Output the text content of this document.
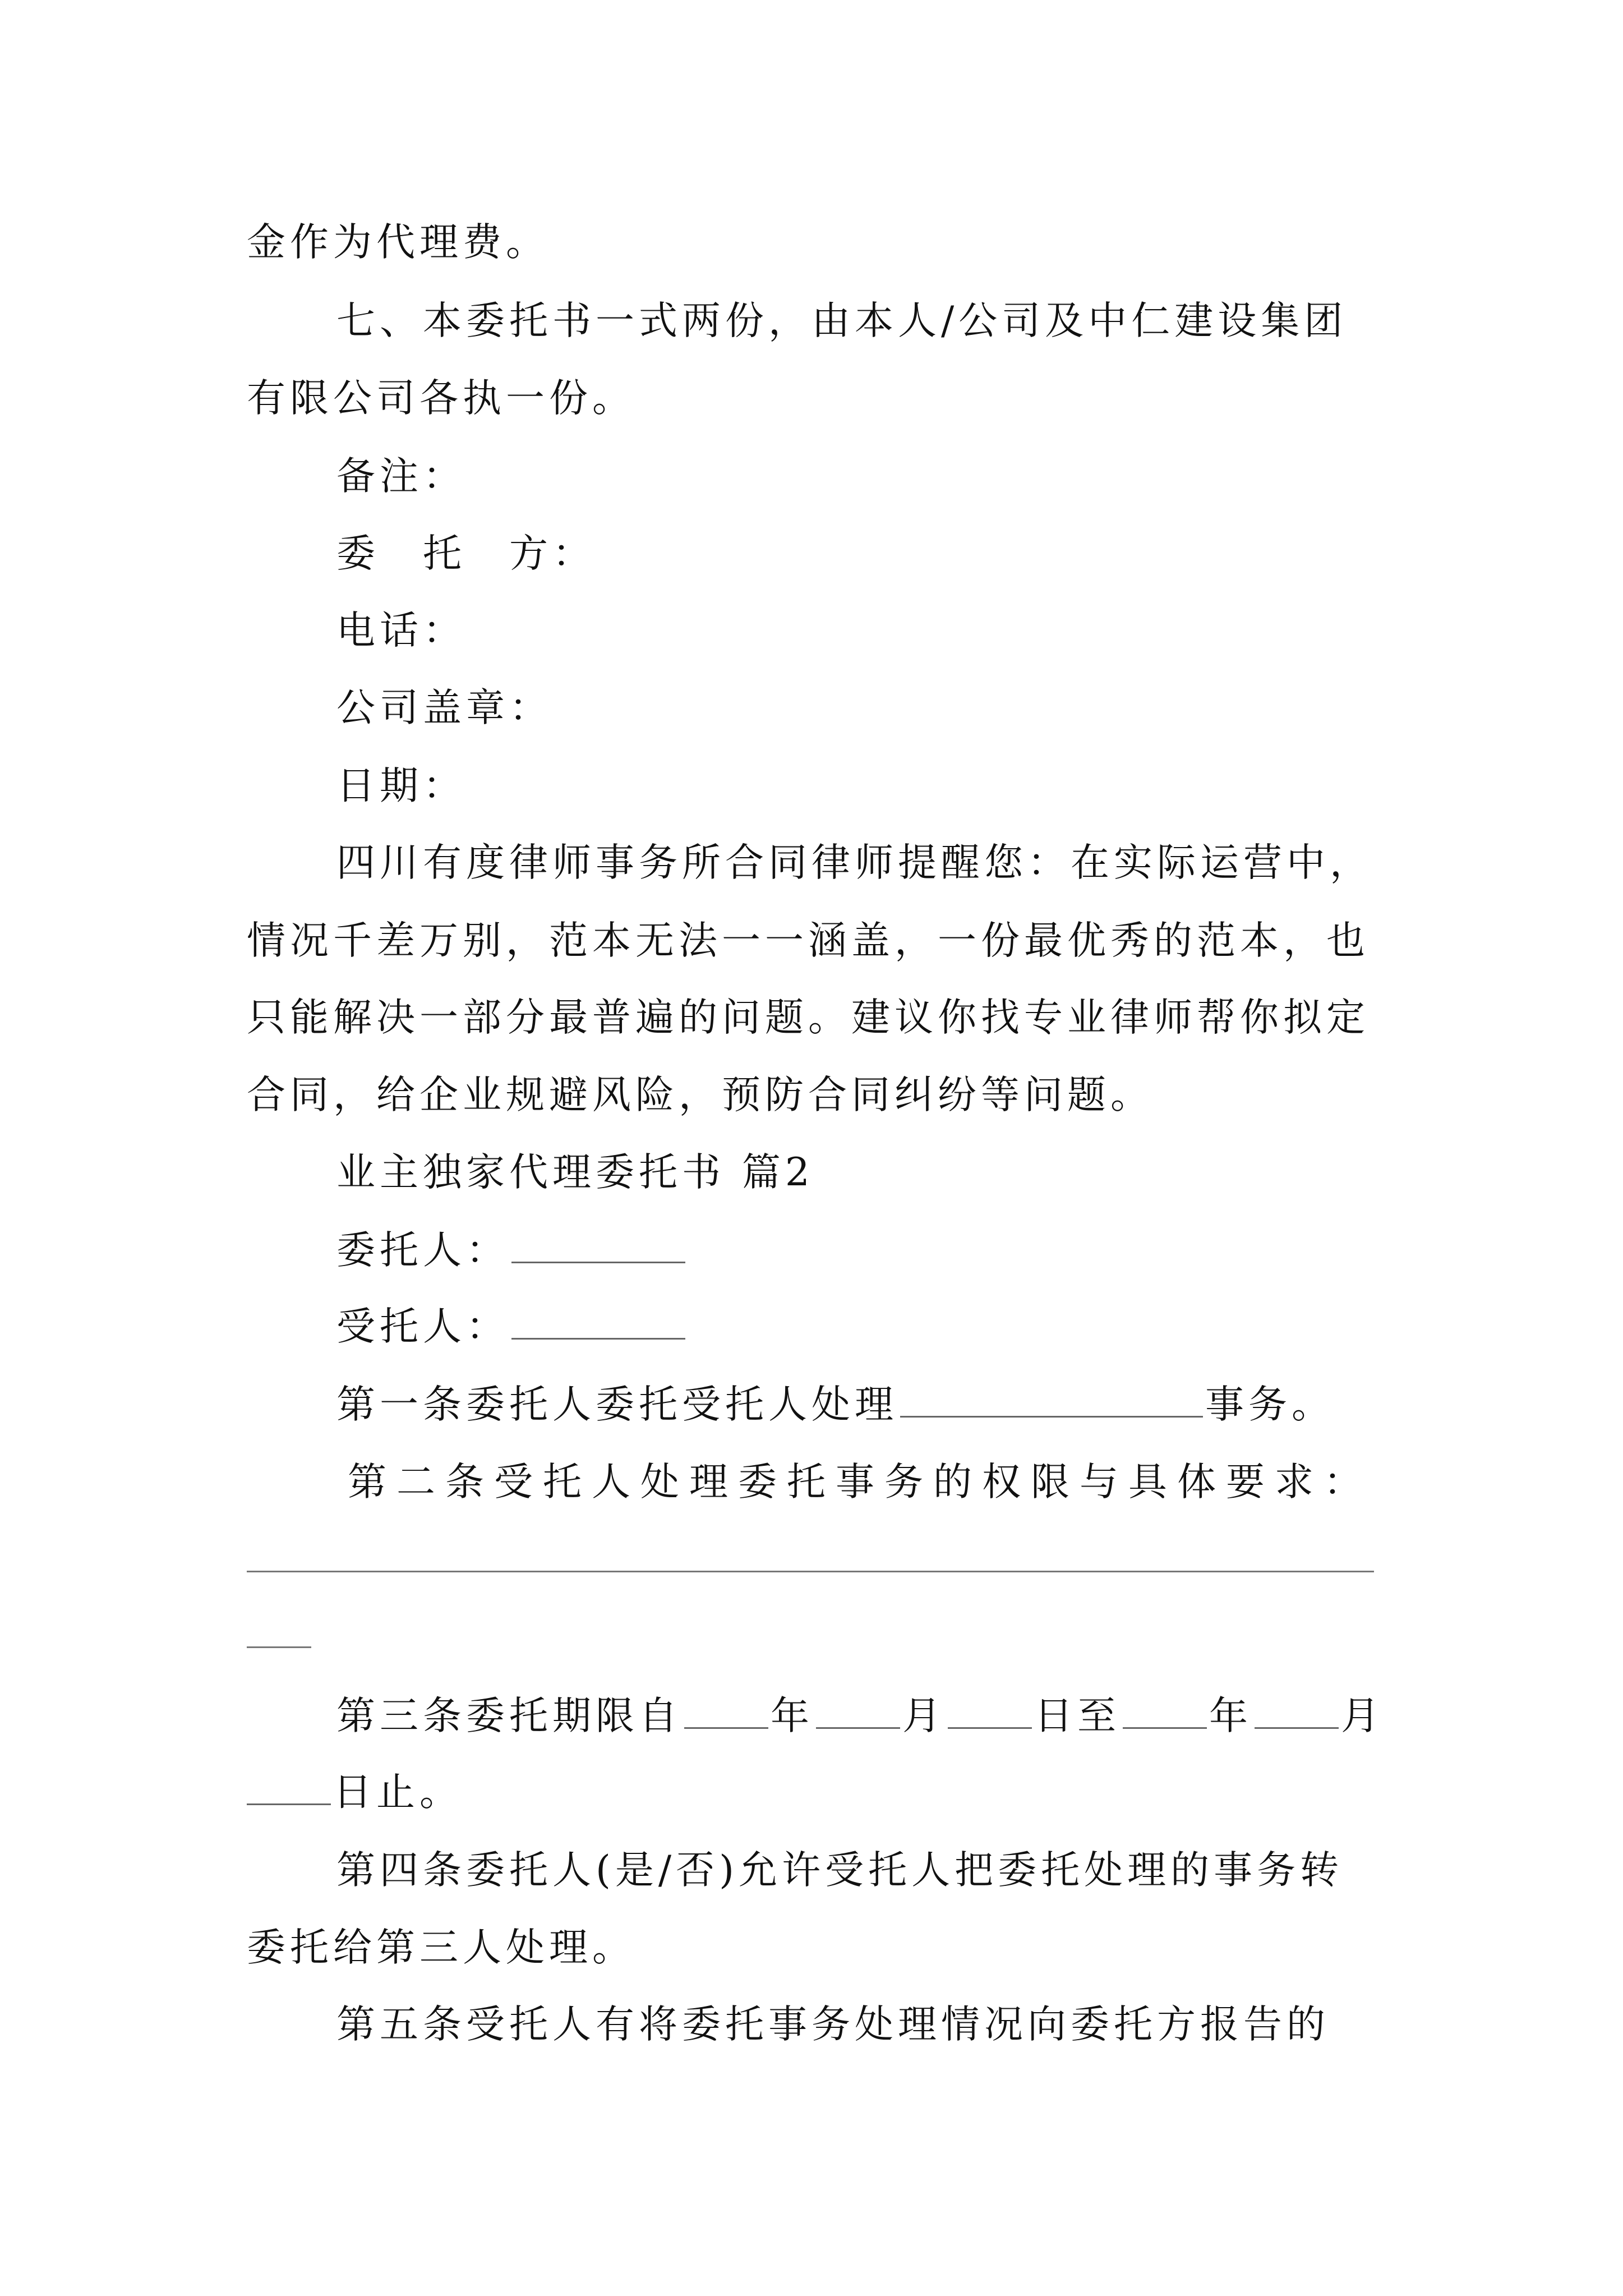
金作为代理费。
七、本委托书一式两份，由本人/公司及中仁建设集团
有限公司各执一份。
备注：
委　托　方：
电话：
公司盖章：
日期：
四川有度律师事务所合同律师提醒您：在实际运营中，
情况千差万别，范本无法一一涵盖，一份最优秀的范本，也
只能解决一部分最普遍的问题。建议你找专业律师帮你拟定
合同，给企业规避风险，预防合同纠纷等问题。
业主独家代理委托书 篇2
委托人：
受托人：
第一条委托人委托受托人处理	事务。
第二条受托人处理委托事务的权限与具体要求：
第三条委托期限自 年 月 日至 年 月
日止。
第四条委托人(是/否)允许受托人把委托处理的事务转
委托给第三人处理。
第五条受托人有将委托事务处理情况向委托方报告的
